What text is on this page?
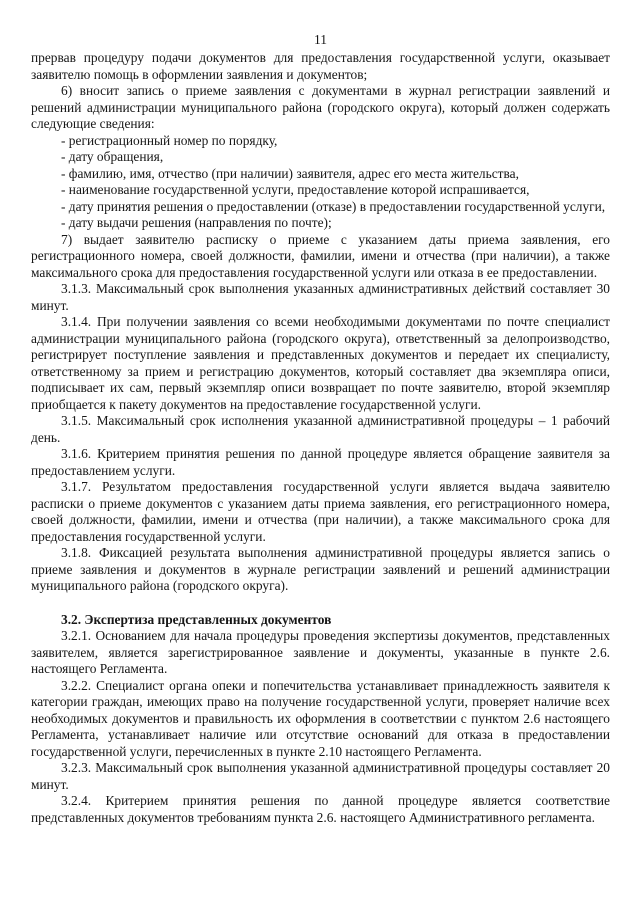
11

прервав процедуру подачи документов для предоставления государственной услуги, оказывает заявителю помощь в оформлении заявления и документов;

6) вносит запись о приеме заявления с документами в журнал регистрации заявлений и решений администрации муниципального района (городского округа), который должен содержать следующие сведения:

- регистрационный номер по порядку,

- дату обращения,

- фамилию, имя, отчество (при наличии) заявителя, адрес его места жительства,

- наименование государственной услуги, предоставление которой испрашивается,

- дату принятия решения о предоставлении (отказе) в предоставлении государственной услуги,

- дату выдачи решения (направления по почте);

7) выдает заявителю расписку о приеме с указанием даты приема заявления, его регистрационного номера, своей должности, фамилии, имени и отчества (при наличии), а также максимального срока для предоставления государственной услуги или отказа в ее предоставлении.

3.1.3. Максимальный срок выполнения указанных административных действий составляет 30 минут.

3.1.4. При получении заявления со всеми необходимыми документами по почте специалист администрации муниципального района (городского округа), ответственный за делопроизводство, регистрирует поступление заявления и представленных документов и передает их специалисту, ответственному за прием и регистрацию документов, который составляет два экземпляра описи, подписывает их сам, первый экземпляр описи возвращает по почте заявителю, второй экземпляр приобщается к пакету документов на предоставление государственной услуги.

3.1.5. Максимальный срок исполнения указанной административной процедуры – 1 рабочий день.

3.1.6. Критерием принятия решения по данной процедуре является обращение заявителя за предоставлением услуги.

3.1.7. Результатом предоставления государственной услуги является выдача заявителю расписки о приеме документов с указанием даты приема заявления, его регистрационного номера, своей должности, фамилии, имени и отчества (при наличии), а также максимального срока для предоставления государственной услуги.

3.1.8. Фиксацией результата выполнения административной процедуры является запись о приеме заявления и документов в журнале регистрации заявлений и решений администрации муниципального района (городского округа).

3.2. Экспертиза представленных документов

3.2.1. Основанием для начала процедуры проведения экспертизы документов, представленных заявителем, является зарегистрированное заявление и документы, указанные в пункте 2.6. настоящего Регламента.

3.2.2. Специалист органа опеки и попечительства устанавливает принадлежность заявителя к категории граждан, имеющих право на получение государственной услуги, проверяет наличие всех необходимых документов и правильность их оформления в соответствии с пунктом 2.6 настоящего Регламента, устанавливает наличие или отсутствие оснований для отказа в предоставлении государственной услуги, перечисленных в пункте 2.10 настоящего Регламента.

3.2.3. Максимальный срок выполнения указанной административной процедуры составляет 20 минут.

3.2.4. Критерием принятия решения по данной процедуре является соответствие представленных документов требованиям пункта 2.6. настоящего Административного регламента.
